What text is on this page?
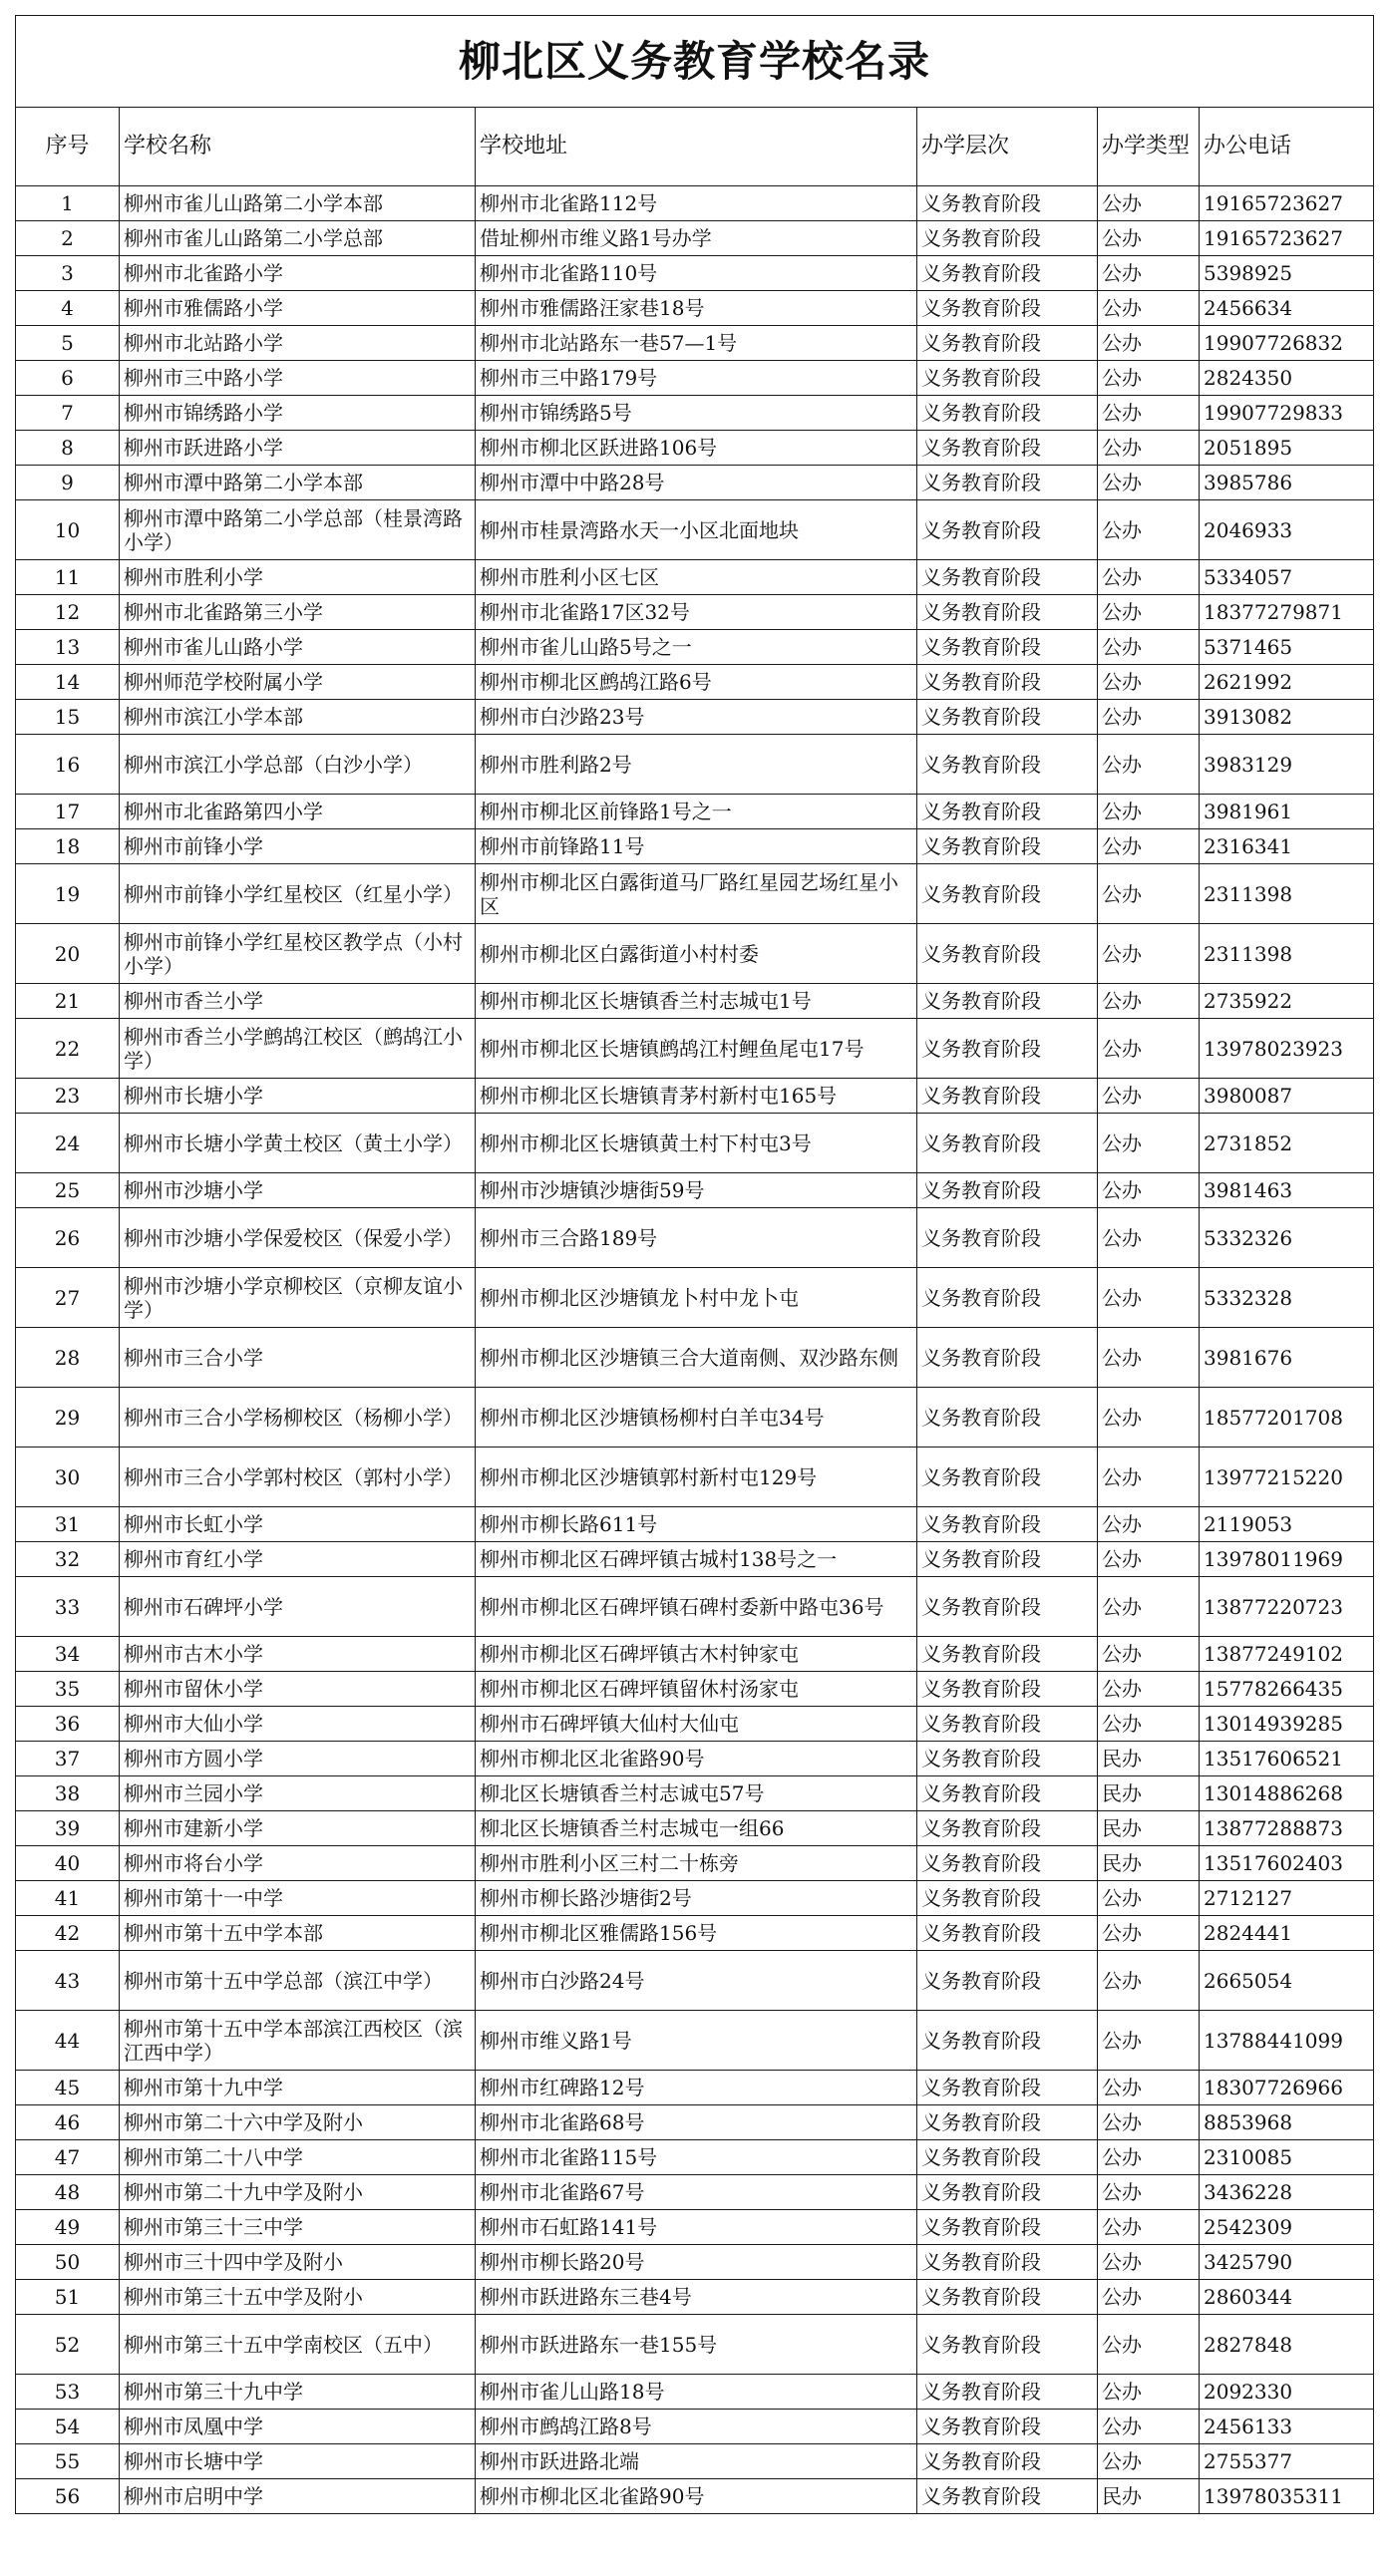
柳北区义务教育学校名录					
序号	学校名称	学校地址	办学层次	办学类型	办公电话
1	柳州市雀儿山路第二小学本部	柳州市北雀路112号	义务教育阶段	公办	19165723627
2	柳州市雀儿山路第二小学总部	借址柳州市维义路1号办学	义务教育阶段	公办	19165723627
3	柳州市北雀路小学	柳州市北雀路110号	义务教育阶段	公办	5398925
4	柳州市雅儒路小学	柳州市雅儒路汪家巷18号	义务教育阶段	公办	2456634
5	柳州市北站路小学	柳州市北站路东一巷57—1号	义务教育阶段	公办	19907726832
6	柳州市三中路小学	柳州市三中路179号	义务教育阶段	公办	2824350
7	柳州市锦绣路小学	柳州市锦绣路5号	义务教育阶段	公办	19907729833
8	柳州市跃进路小学	柳州市柳北区跃进路106号	义务教育阶段	公办	2051895
9	柳州市潭中路第二小学本部	柳州市潭中中路28号	义务教育阶段	公办	3985786
10	柳州市潭中路第二小学总部（桂景湾路小学）	柳州市桂景湾路水天一小区北面地块	义务教育阶段	公办	2046933
11	柳州市胜利小学	柳州市胜利小区七区	义务教育阶段	公办	5334057
12	柳州市北雀路第三小学	柳州市北雀路17区32号	义务教育阶段	公办	18377279871
13	柳州市雀儿山路小学	柳州市雀儿山路5号之一	义务教育阶段	公办	5371465
14	柳州师范学校附属小学	柳州市柳北区鹧鸪江路6号	义务教育阶段	公办	2621992
15	柳州市滨江小学本部	柳州市白沙路23号	义务教育阶段	公办	3913082
16	柳州市滨江小学总部（白沙小学）	柳州市胜利路2号	义务教育阶段	公办	3983129
17	柳州市北雀路第四小学	柳州市柳北区前锋路1号之一	义务教育阶段	公办	3981961
18	柳州市前锋小学	柳州市前锋路11号	义务教育阶段	公办	2316341
19	柳州市前锋小学红星校区（红星小学）	柳州市柳北区白露街道马厂路红星园艺场红星小区	义务教育阶段	公办	2311398
20	柳州市前锋小学红星校区教学点（小村小学）	柳州市柳北区白露街道小村村委	义务教育阶段	公办	2311398
21	柳州市香兰小学	柳州市柳北区长塘镇香兰村志城屯1号	义务教育阶段	公办	2735922
22	柳州市香兰小学鹧鸪江校区（鹧鸪江小学）	柳州市柳北区长塘镇鹧鸪江村鲤鱼尾屯17号	义务教育阶段	公办	13978023923
23	柳州市长塘小学	柳州市柳北区长塘镇青茅村新村屯165号	义务教育阶段	公办	3980087
24	柳州市长塘小学黄土校区（黄土小学）	柳州市柳北区长塘镇黄土村下村屯3号	义务教育阶段	公办	2731852
25	柳州市沙塘小学	柳州市沙塘镇沙塘街59号	义务教育阶段	公办	3981463
26	柳州市沙塘小学保爱校区（保爱小学）	柳州市三合路189号	义务教育阶段	公办	5332326
27	柳州市沙塘小学京柳校区（京柳友谊小学）	柳州市柳北区沙塘镇龙卜村中龙卜屯	义务教育阶段	公办	5332328
28	柳州市三合小学	柳州市柳北区沙塘镇三合大道南侧、双沙路东侧	义务教育阶段	公办	3981676
29	柳州市三合小学杨柳校区（杨柳小学）	柳州市柳北区沙塘镇杨柳村白羊屯34号	义务教育阶段	公办	18577201708
30	柳州市三合小学郭村校区（郭村小学）	柳州市柳北区沙塘镇郭村新村屯129号	义务教育阶段	公办	13977215220
31	柳州市长虹小学	柳州市柳长路611号	义务教育阶段	公办	2119053
32	柳州市育红小学	柳州市柳北区石碑坪镇古城村138号之一	义务教育阶段	公办	13978011969
33	柳州市石碑坪小学	柳州市柳北区石碑坪镇石碑村委新中路屯36号	义务教育阶段	公办	13877220723
34	柳州市古木小学	柳州市柳北区石碑坪镇古木村钟家屯	义务教育阶段	公办	13877249102
35	柳州市留休小学	柳州市柳北区石碑坪镇留休村汤家屯	义务教育阶段	公办	15778266435
36	柳州市大仙小学	柳州市石碑坪镇大仙村大仙屯	义务教育阶段	公办	13014939285
37	柳州市方圆小学	柳州市柳北区北雀路90号	义务教育阶段	民办	13517606521
38	柳州市兰园小学	柳北区长塘镇香兰村志诚屯57号	义务教育阶段	民办	13014886268
39	柳州市建新小学	柳北区长塘镇香兰村志城屯一组66	义务教育阶段	民办	13877288873
40	柳州市将台小学	柳州市胜利小区三村二十栋旁	义务教育阶段	民办	13517602403
41	柳州市第十一中学	柳州市柳长路沙塘街2号	义务教育阶段	公办	2712127
42	柳州市第十五中学本部	柳州市柳北区雅儒路156号	义务教育阶段	公办	2824441
43	柳州市第十五中学总部（滨江中学）	柳州市白沙路24号	义务教育阶段	公办	2665054
44	柳州市第十五中学本部滨江西校区（滨江西中学）	柳州市维义路1号	义务教育阶段	公办	13788441099
45	柳州市第十九中学	柳州市红碑路12号	义务教育阶段	公办	18307726966
46	柳州市第二十六中学及附小	柳州市北雀路68号	义务教育阶段	公办	8853968
47	柳州市第二十八中学	柳州市北雀路115号	义务教育阶段	公办	2310085
48	柳州市第二十九中学及附小	柳州市北雀路67号	义务教育阶段	公办	3436228
49	柳州市第三十三中学	柳州市石虹路141号	义务教育阶段	公办	2542309
50	柳州市三十四中学及附小	柳州市柳长路20号	义务教育阶段	公办	3425790
51	柳州市第三十五中学及附小	柳州市跃进路东三巷4号	义务教育阶段	公办	2860344
52	柳州市第三十五中学南校区（五中）	柳州市跃进路东一巷155号	义务教育阶段	公办	2827848
53	柳州市第三十九中学	柳州市雀儿山路18号	义务教育阶段	公办	2092330
54	柳州市凤凰中学	柳州市鹧鸪江路8号	义务教育阶段	公办	2456133
55	柳州市长塘中学	柳州市跃进路北端	义务教育阶段	公办	2755377
56	柳州市启明中学	柳州市柳北区北雀路90号	义务教育阶段	民办	13978035311
